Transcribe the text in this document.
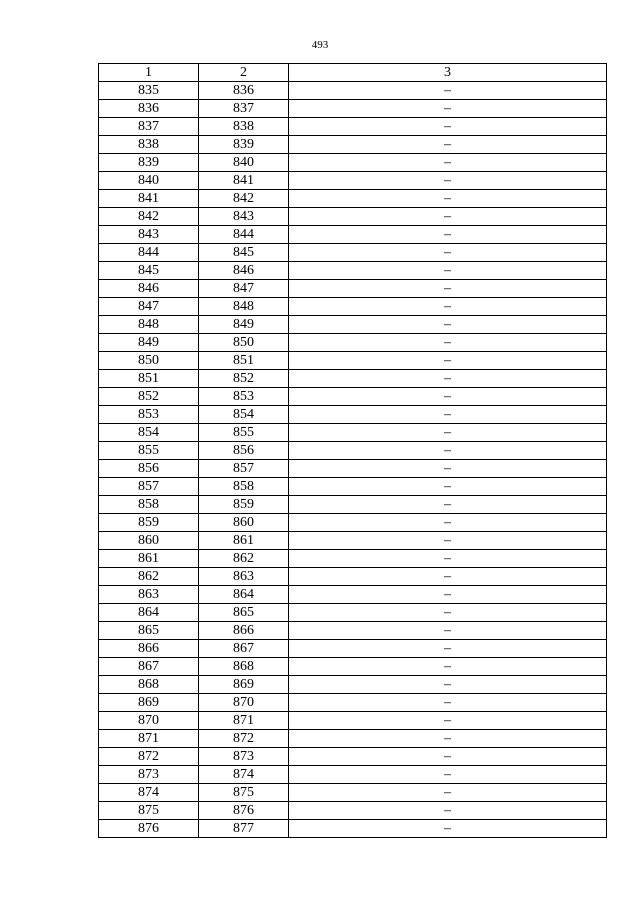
493
1	2	3
835	836	–
836	837	–
837	838	–
838	839	–
839	840	–
840	841	–
841	842	–
842	843	–
843	844	–
844	845	–
845	846	–
846	847	–
847	848	–
848	849	–
849	850	–
850	851	–
851	852	–
852	853	–
853	854	–
854	855	–
855	856	–
856	857	–
857	858	–
858	859	–
859	860	–
860	861	–
861	862	–
862	863	–
863	864	–
864	865	–
865	866	–
866	867	–
867	868	–
868	869	–
869	870	–
870	871	–
871	872	–
872	873	–
873	874	–
874	875	–
875	876	–
876	877	–
